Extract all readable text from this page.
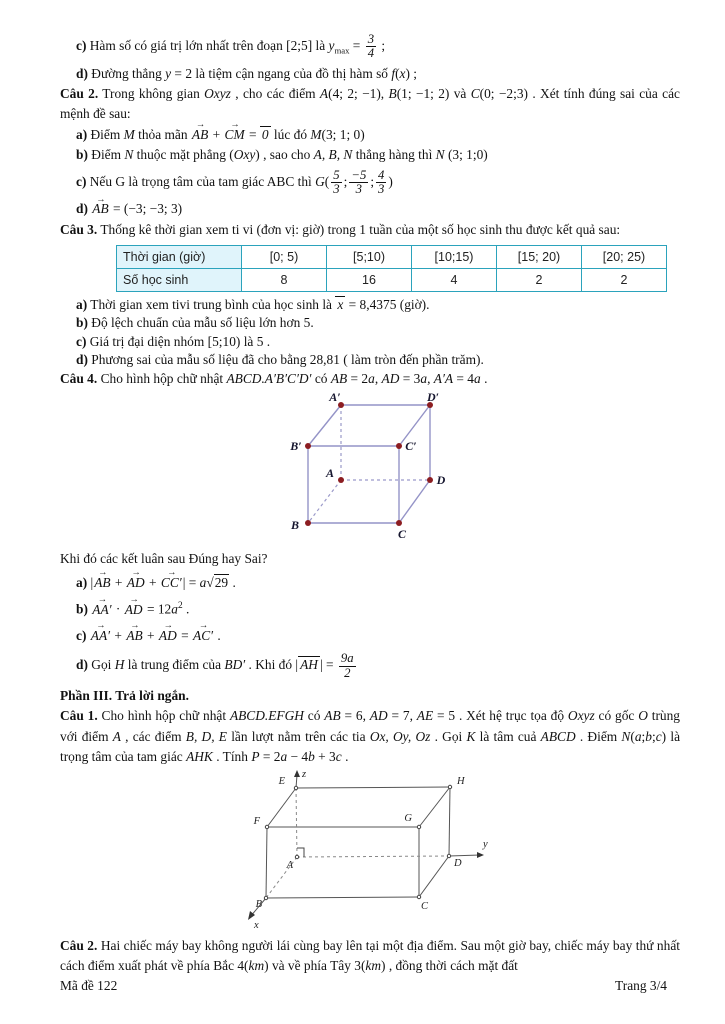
c) Hàm số có giá trị lớn nhất trên đoạn [2;5] là $y_{max} = \frac{3}{4}$ ;
d) Đường thẳng y = 2 là tiệm cận ngang của đồ thị hàm số f(x) ;
Câu 2. Trong không gian Oxyz , cho các điểm A(4; 2; −1), B(1; −1; 2) và C(0; −2;3) . Xét tính đúng sai của các mệnh đề sau:
a) Điểm M thỏa mãn AB → + CM → = 0 lúc đó M(3; 1; 0)
b) Điểm N thuộc mặt phẳng (Oxy) , sao cho A, B, N thẳng hàng thì N (3; 1;0)
c) Nếu G là trọng tâm của tam giác ABC thì $G( \frac{5}{3}$ ; $\frac{-5}{3}$ ; $\frac{4}{3}$ )
d) AB → = (−3; −3; 3)
Câu 3. Thống kê thời gian xem ti vi (đơn vị: giờ) trong 1 tuần của một số học sinh thu được kết quả sau:
Thời gian (giờ)	[0; 5)	[5;10)	[10;15)	[15; 20)	[20; 25)
Số học sinh	8	16	4	2	2
a) Thời gian xem tivi trung bình của học sinh là x = 8,4375 (giờ).
b) Độ lệch chuẩn của mẫu số liệu lớn hơn 5.
c) Giá trị đại diện nhóm [5;10) là 5 .
d) Phương sai của mẫu số liệu đã cho bằng 28,81 ( làm tròn đến phần trăm).
Câu 4. Cho hình hộp chữ nhật ABCD.A′B′C′D′ có AB = 2a, AD = 3a, A′A = 4a .
A′	D′
B′	C′
A	D
B
C
Khi đó các kết luân sau Đúng hay Sai?
a) |AB → + AD → + CC′ →| = a √ 29 .
b) AA′ → · AD → = $12a^2$ .
c) AA′ → + AB → + AD → = AC′ → .
d) Gọi H là trung điểm của BD′ . Khi đó | AH | = $\frac{9a}{2}$
Phần III. Trả lời ngắn.
Câu 1. Cho hình hộp chữ nhật ABCD.EFGH có AB = 6, AD = 7, AE = 5 . Xét hệ trục tọa độ Oxyz có gốc O trùng với điểm A , các điểm B, D, E lần lượt nằm trên các tia Ox, Oy, Oz . Gọi K là tâm cuả ABCD . Điểm N(a;b;c) là trọng tâm của tam giác AHK . Tính P = 2a − 4b + 3c .
z
E	H
F	G
A	D
y
B	C
x
Câu 2. Hai chiếc máy bay không người lái cùng bay lên tại một địa điểm. Sau một giờ bay, chiếc máy bay thứ nhất cách điểm xuất phát về phía Bắc 4(km) và về phía Tây 3(km) , đồng thời cách mặt đất
Mã đề 122	Trang 3/4
